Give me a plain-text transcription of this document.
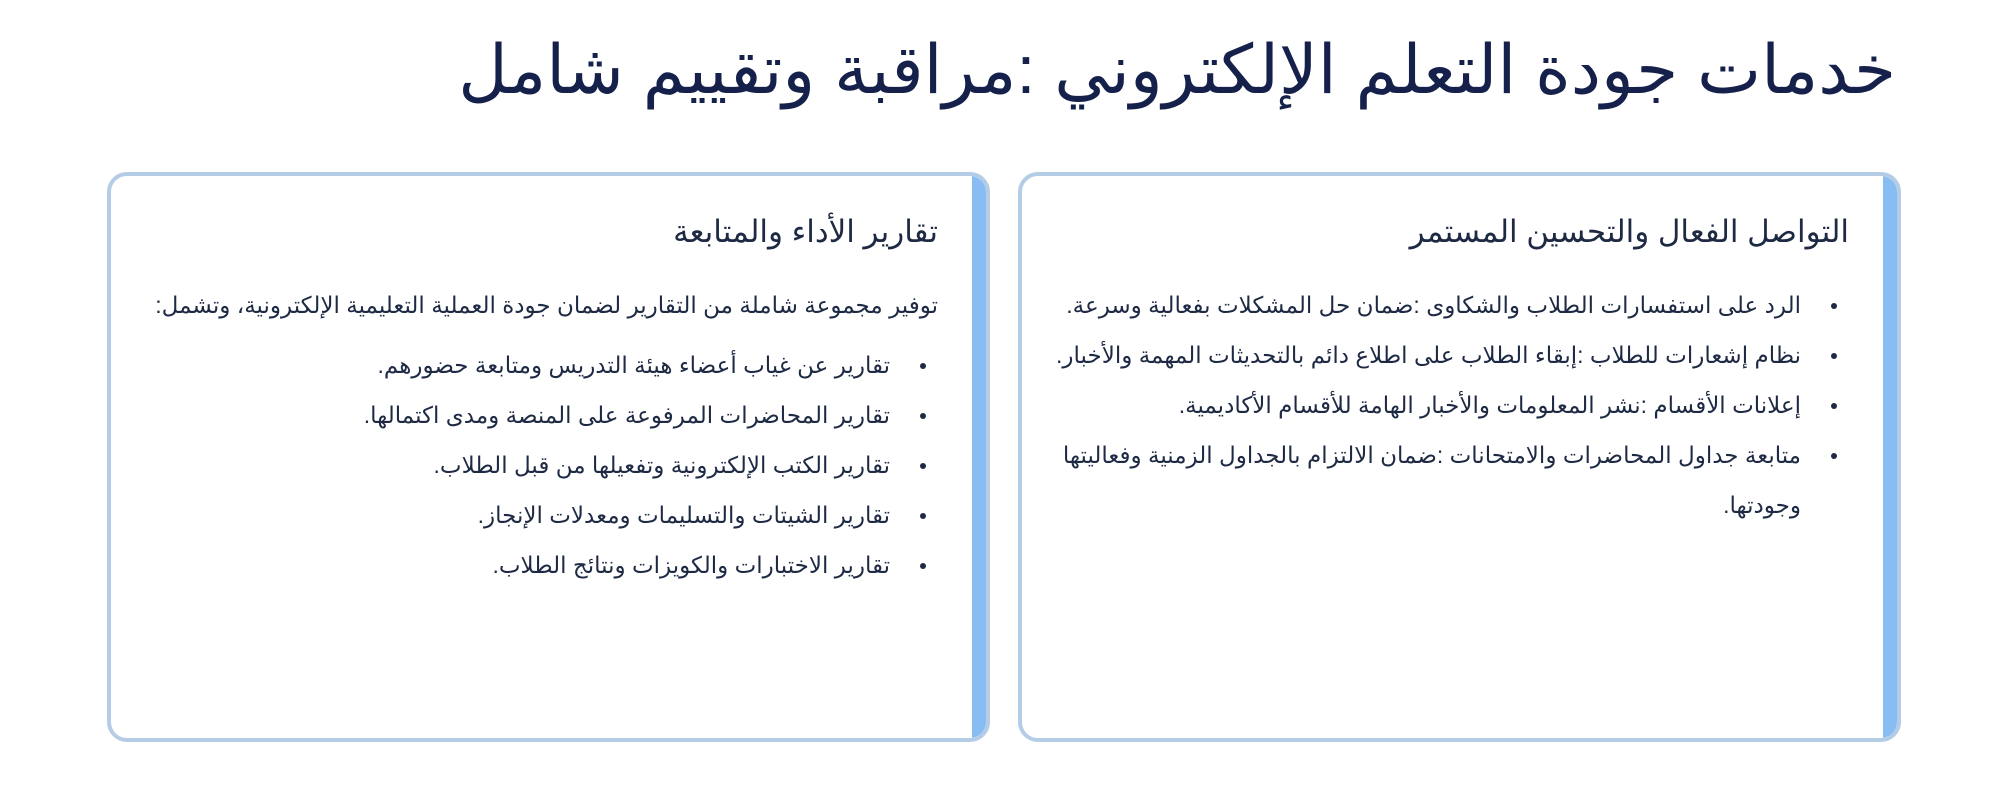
خدمات جودة التعلم الإلكتروني :مراقبة وتقييم شامل
التواصل الفعال والتحسين المستمر
الرد على استفسارات الطلاب والشكاوى :ضمان حل المشكلات بفعالية وسرعة.
نظام إشعارات للطلاب :إبقاء الطلاب على اطلاع دائم بالتحديثات المهمة والأخبار.
إعلانات الأقسام :نشر المعلومات والأخبار الهامة للأقسام الأكاديمية.
متابعة جداول المحاضرات والامتحانات :ضمان الالتزام بالجداول الزمنية وفعاليتها وجودتها.
تقارير الأداء والمتابعة

توفير مجموعة شاملة من التقارير لضمان جودة العملية التعليمية الإلكترونية، وتشمل:

تقارير عن غياب أعضاء هيئة التدريس ومتابعة حضورهم.
تقارير المحاضرات المرفوعة على المنصة ومدى اكتمالها.
تقارير الكتب الإلكترونية وتفعيلها من قبل الطلاب.
تقارير الشيتات والتسليمات ومعدلات الإنجاز.
تقارير الاختبارات والكويزات ونتائج الطلاب.
